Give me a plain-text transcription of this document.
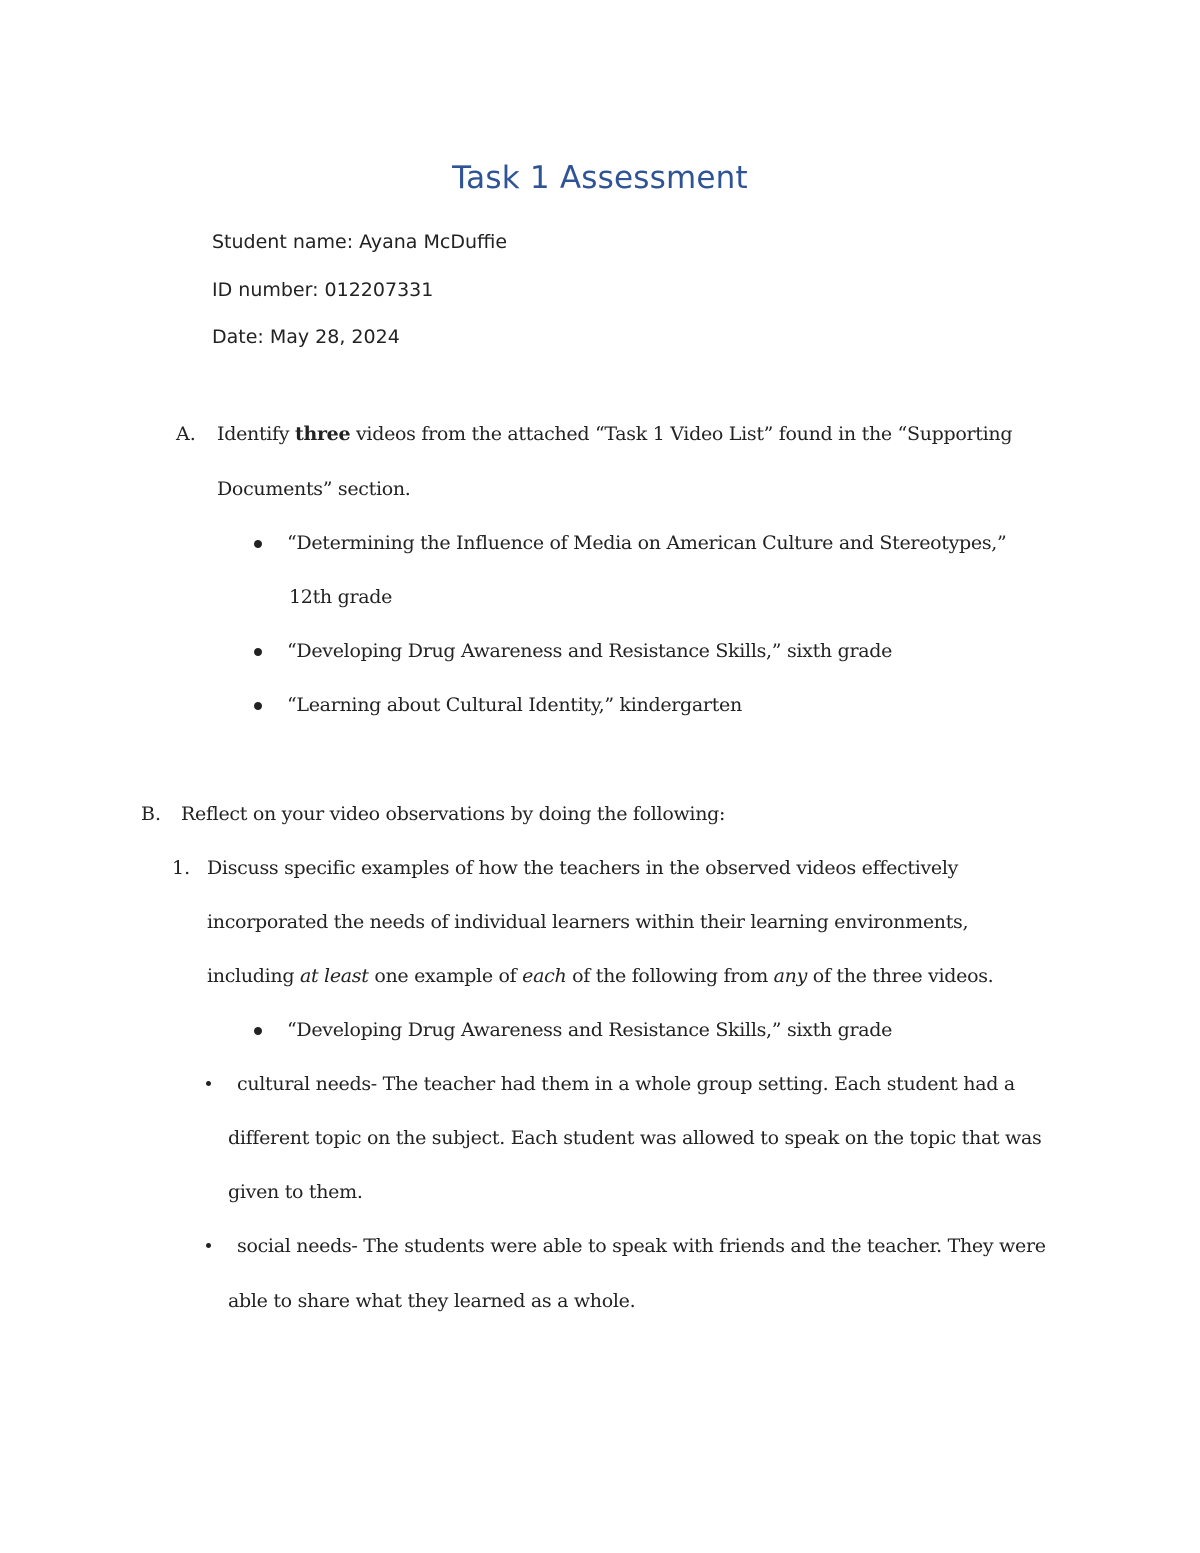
Task 1 Assessment
Student name: Ayana McDuffie
ID number: 012207331
Date: May 28, 2024
A. Identify three videos from the attached “Task 1 Video List” found in the “Supporting
Documents” section.
“Determining the Influence of Media on American Culture and Stereotypes,”
12th grade
“Developing Drug Awareness and Resistance Skills,” sixth grade
“Learning about Cultural Identity,” kindergarten
B. Reflect on your video observations by doing the following:
1. Discuss specific examples of how the teachers in the observed videos effectively
incorporated the needs of individual learners within their learning environments,
including at least one example of each of the following from any of the three videos.
“Developing Drug Awareness and Resistance Skills,” sixth grade
cultural needs- The teacher had them in a whole group setting. Each student had a
different topic on the subject. Each student was allowed to speak on the topic that was
given to them.
social needs- The students were able to speak with friends and the teacher. They were
able to share what they learned as a whole.
